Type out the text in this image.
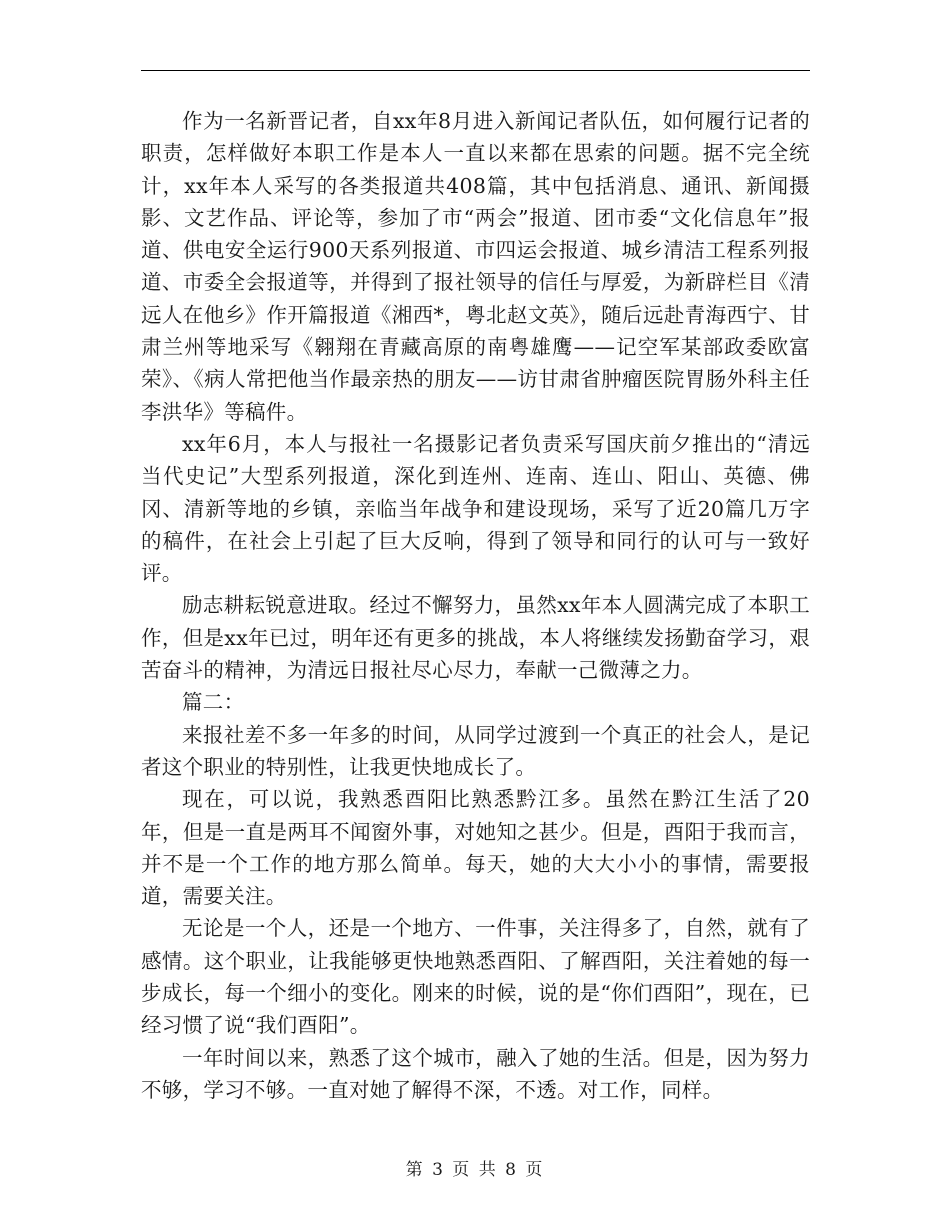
作为一名新晋记者，自xx年8月进入新闻记者队伍，如何履行记者的职责，怎样做好本职工作是本人一直以来都在思索的问题。据不完全统计，xx年本人采写的各类报道共408篇，其中包括消息、通讯、新闻摄影、文艺作品、评论等，参加了市“两会”报道、团市委“文化信息年”报道、供电安全运行900天系列报道、市四运会报道、城乡清洁工程系列报道、市委全会报道等，并得到了报社领导的信任与厚爱，为新辟栏目《清远人在他乡》作开篇报道《湘西*，粤北赵文英》，随后远赴青海西宁、甘肃兰州等地采写《翱翔在青藏高原的南粤雄鹰——记空军某部政委欧富荣》、《病人常把他当作最亲热的朋友——访甘肃省肿瘤医院胃肠外科主任李洪华》等稿件。

xx年6月，本人与报社一名摄影记者负责采写国庆前夕推出的“清远当代史记”大型系列报道，深化到连州、连南、连山、阳山、英德、佛冈、清新等地的乡镇，亲临当年战争和建设现场，采写了近20篇几万字的稿件，在社会上引起了巨大反响，得到了领导和同行的认可与一致好评。

励志耕耘锐意进取。经过不懈努力，虽然xx年本人圆满完成了本职工作，但是xx年已过，明年还有更多的挑战，本人将继续发扬勤奋学习，艰苦奋斗的精神，为清远日报社尽心尽力，奉献一己微薄之力。

篇二：

来报社差不多一年多的时间，从同学过渡到一个真正的社会人，是记者这个职业的特别性，让我更快地成长了。

现在，可以说，我熟悉酉阳比熟悉黔江多。虽然在黔江生活了20年，但是一直是两耳不闻窗外事，对她知之甚少。但是，酉阳于我而言，并不是一个工作的地方那么简单。每天，她的大大小小的事情，需要报道，需要关注。

无论是一个人，还是一个地方、一件事，关注得多了，自然，就有了感情。这个职业，让我能够更快地熟悉酉阳、了解酉阳，关注着她的每一步成长，每一个细小的变化。刚来的时候，说的是“你们酉阳”，现在，已经习惯了说“我们酉阳”。

一年时间以来，熟悉了这个城市，融入了她的生活。但是，因为努力不够，学习不够。一直对她了解得不深，不透。对工作，同样。

第 3 页 共 8 页
